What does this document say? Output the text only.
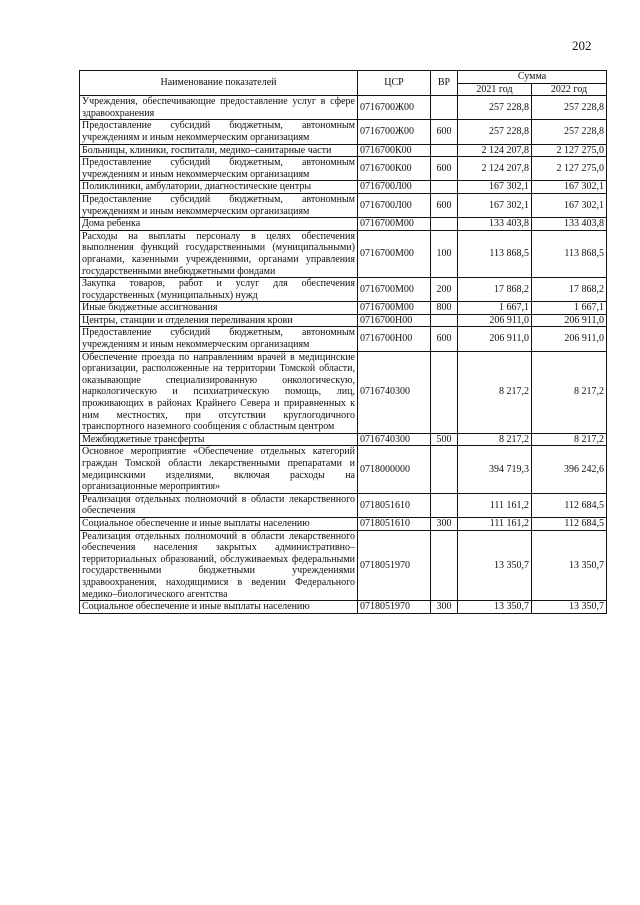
202
Наименование показателей	ЦСР	ВР	Сумма	
			2021 год	2022 год
Учреждения, обеспечивающие предоставление услуг в сфере здравоохранения	0716700Ж00		257 228,8	257 228,8
Предоставление субсидий бюджетным, автономным учреждениям и иным некоммерческим организациям	0716700Ж00	600	257 228,8	257 228,8
Больницы, клиники, госпитали, медико–санитарные части	0716700К00		2 124 207,8	2 127 275,0
Предоставление субсидий бюджетным, автономным учреждениям и иным некоммерческим организациям	0716700К00	600	2 124 207,8	2 127 275,0
Поликлиники, амбулатории, диагностические центры	0716700Л00		167 302,1	167 302,1
Предоставление субсидий бюджетным, автономным учреждениям и иным некоммерческим организациям	0716700Л00	600	167 302,1	167 302,1
Дома ребенка	0716700М00		133 403,8	133 403,8
Расходы на выплаты персоналу в целях обеспечения выполнения функций государственными (муниципальными) органами, казенными учреждениями, органами управления государственными внебюджетными фондами	0716700М00	100	113 868,5	113 868,5
Закупка товаров, работ и услуг для обеспечения государственных (муниципальных) нужд	0716700М00	200	17 868,2	17 868,2
Иные бюджетные ассигнования	0716700М00	800	1 667,1	1 667,1
Центры, станции и отделения переливания крови	0716700Н00		206 911,0	206 911,0
Предоставление субсидий бюджетным, автономным учреждениям и иным некоммерческим организациям	0716700Н00	600	206 911,0	206 911,0
Обеспечение проезда по направлениям врачей в медицинские организации, расположенные на территории Томской области, оказывающие специализированную онкологическую, наркологическую и психиатрическую помощь, лиц, проживающих в районах Крайнего Севера и приравненных к ним местностях, при отсутствии круглогодичного транспортного наземного сообщения с областным центром	0716740300		8 217,2	8 217,2
Межбюджетные трансферты	0716740300	500	8 217,2	8 217,2
Основное мероприятие «Обеспечение отдельных категорий граждан Томской области лекарственными препаратами и медицинскими изделиями, включая расходы на организационные мероприятия»	0718000000		394 719,3	396 242,6
Реализация отдельных полномочий в области лекарственного обеспечения	0718051610		111 161,2	112 684,5
Социальное обеспечение и иные выплаты населению	0718051610	300	111 161,2	112 684,5
Реализация отдельных полномочий в области лекарственного обеспечения населения закрытых административно–территориальных образований, обслуживаемых федеральными государственными бюджетными учреждениями здравоохранения, находящимися в ведении Федерального медико–биологического агентства	0718051970		13 350,7	13 350,7
Социальное обеспечение и иные выплаты населению	0718051970	300	13 350,7	13 350,7
